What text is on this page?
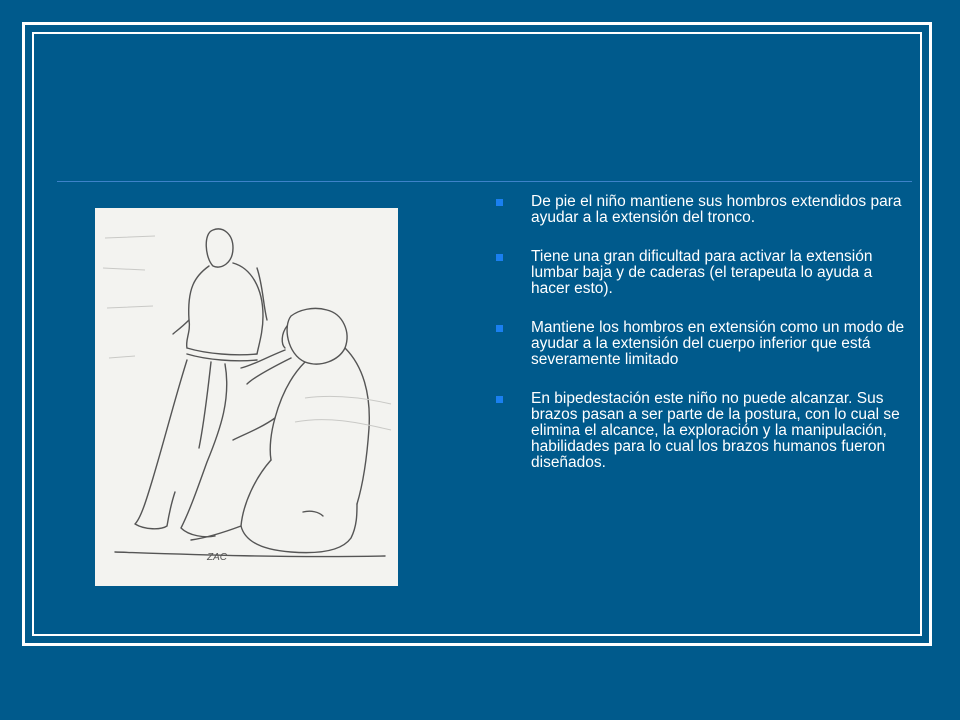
ZAC
De pie el niño mantiene sus hombros extendidos para ayudar a la extensión del tronco.
Tiene una gran dificultad para activar la extensión lumbar baja y de caderas (el terapeuta lo ayuda a hacer esto).
Mantiene los hombros en extensión como un modo de ayudar a la extensión del cuerpo inferior que está severamente limitado
En bipedestación este niño no puede alcanzar. Sus brazos pasan a ser parte de la postura, con lo cual se elimina el alcance, la exploración y la manipulación, habilidades para lo cual los brazos humanos fueron diseñados.
